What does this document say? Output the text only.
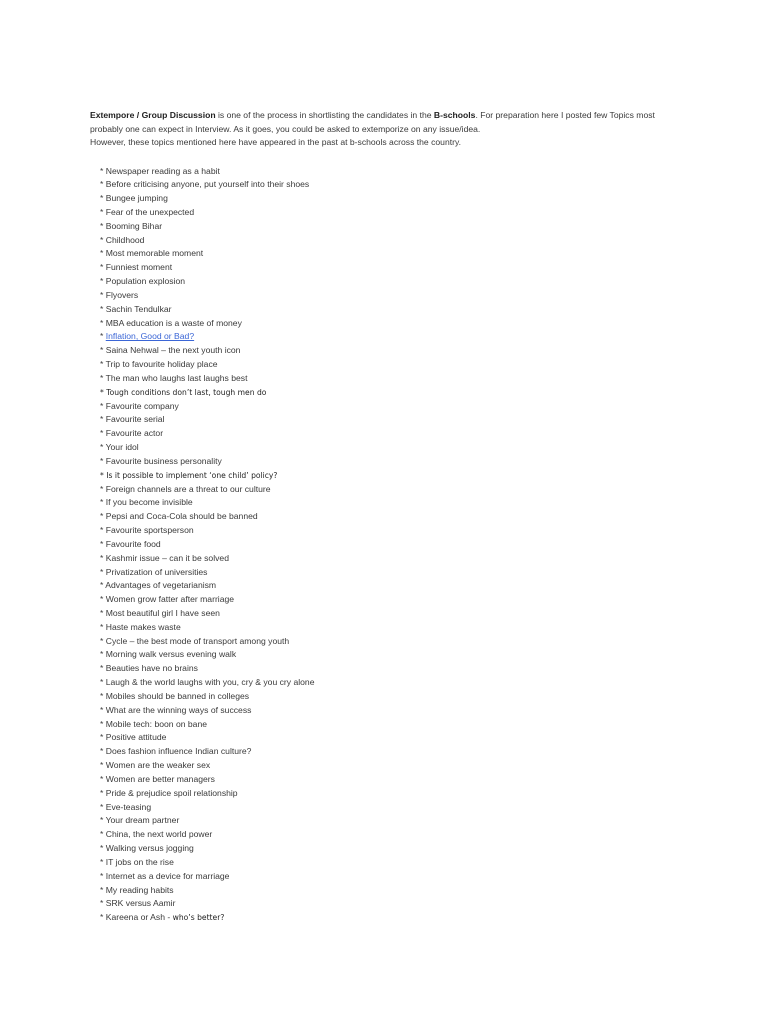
Extempore / Group Discussion is one of the process in shortlisting the candidates in the B-schools. For preparation here I posted few Topics most probably one can expect in Interview. As it goes, you could be asked to extemporize on any issue/idea.
However, these topics mentioned here have appeared in the past at b-schools across the country.
* Newspaper reading as a habit
* Before criticising anyone, put yourself into their shoes
* Bungee jumping
* Fear of the unexpected
* Booming Bihar
* Childhood
* Most memorable moment
* Funniest moment
* Population explosion
* Flyovers
* Sachin Tendulkar
* MBA education is a waste of money
* Inflation, Good or Bad?
* Saina Nehwal – the next youth icon
* Trip to favourite holiday place
* The man who laughs last laughs best
* Tough conditions don’t last, tough men do
* Favourite company
* Favourite serial
* Favourite actor
* Your idol
* Favourite business personality
* Is it possible to implement ‘one child’ policy?
* Foreign channels are a threat to our culture
* If you become invisible
* Pepsi and Coca-Cola should be banned
* Favourite sportsperson
* Favourite food
* Kashmir issue – can it be solved
* Privatization of universities
* Advantages of vegetarianism
* Women grow fatter after marriage
* Most beautiful girl I have seen
* Haste makes waste
* Cycle – the best mode of transport among youth
* Morning walk versus evening walk
* Beauties have no brains
* Laugh & the world laughs with you, cry & you cry alone
* Mobiles should be banned in colleges
* What are the winning ways of success
* Mobile tech: boon on bane
* Positive attitude
* Does fashion influence Indian culture?
* Women are the weaker sex
* Women are better managers
* Pride & prejudice spoil relationship
* Eve-teasing
* Your dream partner
* China, the next world power
* Walking versus jogging
* IT jobs on the rise
* Internet as a device for marriage
* My reading habits
* SRK versus Aamir
* Kareena or Ash - who’s better?
